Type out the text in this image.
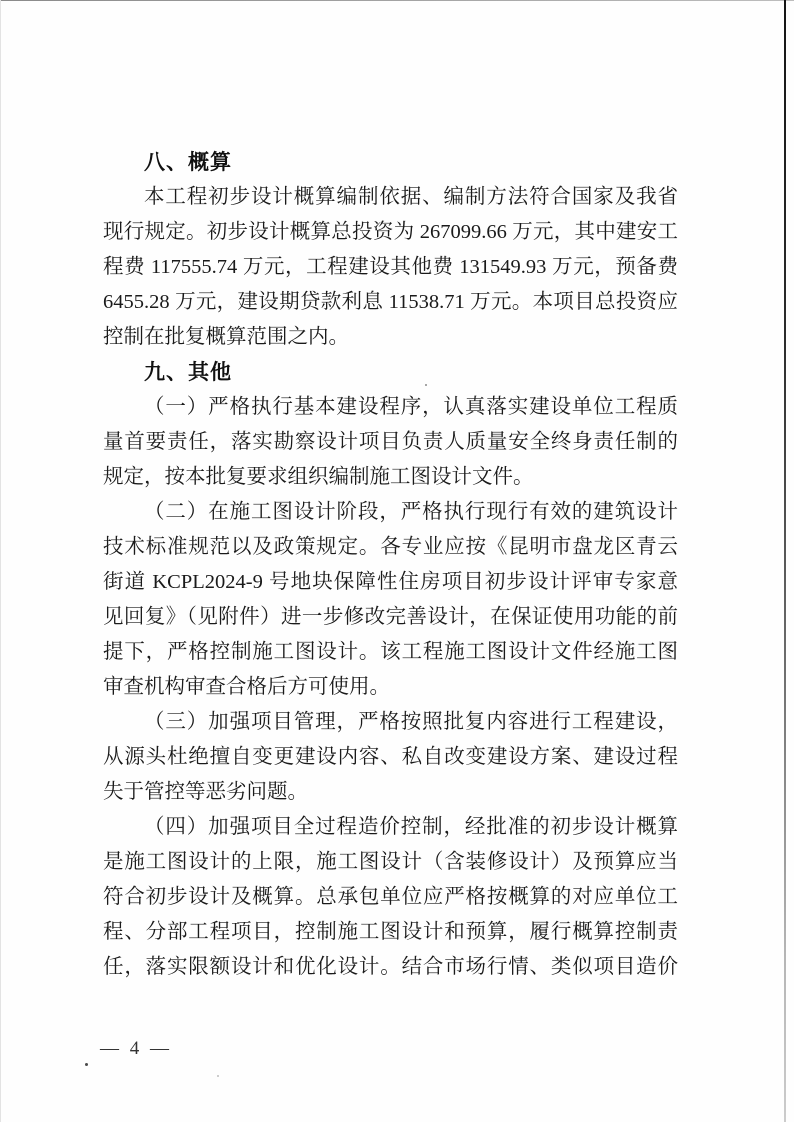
八、概算
本工程初步设计概算编制依据、编制方法符合国家及我省
现行规定。初步设计概算总投资为 267099.66 万元，其中建安工
程费 117555.74 万元，工程建设其他费 131549.93 万元，预备费
6455.28 万元，建设期贷款利息 11538.71 万元。本项目总投资应
控制在批复概算范围之内。
九、其他
（一）严格执行基本建设程序，认真落实建设单位工程质
量首要责任，落实勘察设计项目负责人质量安全终身责任制的
规定，按本批复要求组织编制施工图设计文件。
（二）在施工图设计阶段，严格执行现行有效的建筑设计
技术标准规范以及政策规定。各专业应按《昆明市盘龙区青云
街道 KCPL2024-9 号地块保障性住房项目初步设计评审专家意
见回复》（见附件）进一步修改完善设计，在保证使用功能的前
提下，严格控制施工图设计。该工程施工图设计文件经施工图
审查机构审查合格后方可使用。
（三）加强项目管理，严格按照批复内容进行工程建设，
从源头杜绝擅自变更建设内容、私自改变建设方案、建设过程
失于管控等恶劣问题。
（四）加强项目全过程造价控制，经批准的初步设计概算
是施工图设计的上限，施工图设计（含装修设计）及预算应当
符合初步设计及概算。总承包单位应严格按概算的对应单位工
程、分部工程项目，控制施工图设计和预算，履行概算控制责
任，落实限额设计和优化设计。结合市场行情、类似项目造价
— 4 —
